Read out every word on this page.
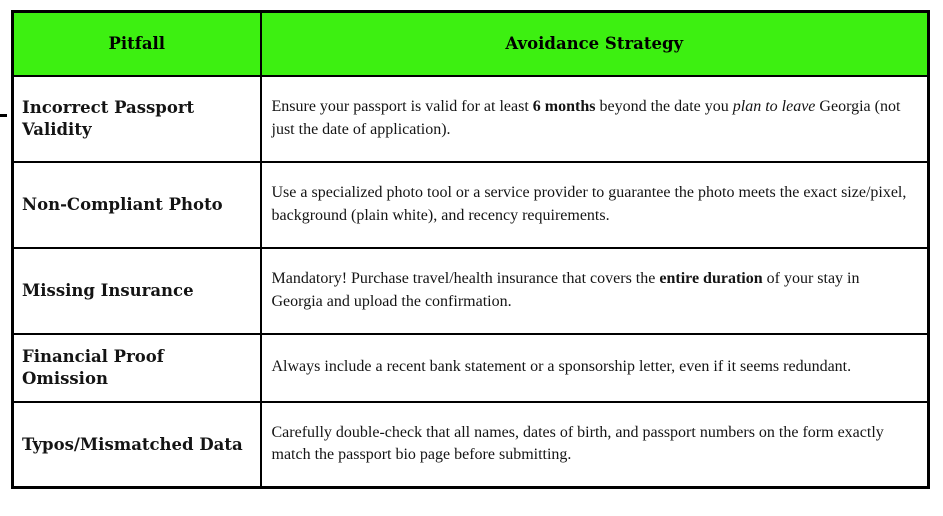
Pitfall	Avoidance Strategy
Incorrect Passport Validity	Ensure your passport is valid for at least 6 months beyond the date you plan to leave Georgia (not just the date of application).
Non-Compliant Photo	Use a specialized photo tool or a service provider to guarantee the photo meets the exact size/pixel, background (plain white), and recency requirements.
Missing Insurance	Mandatory! Purchase travel/health insurance that covers the entire duration of your stay in Georgia and upload the confirmation.
Financial Proof Omission	Always include a recent bank statement or a sponsorship letter, even if it seems redundant.
Typos/Mismatched Data	Carefully double-check that all names, dates of birth, and passport numbers on the form exactly match the passport bio page before submitting.
